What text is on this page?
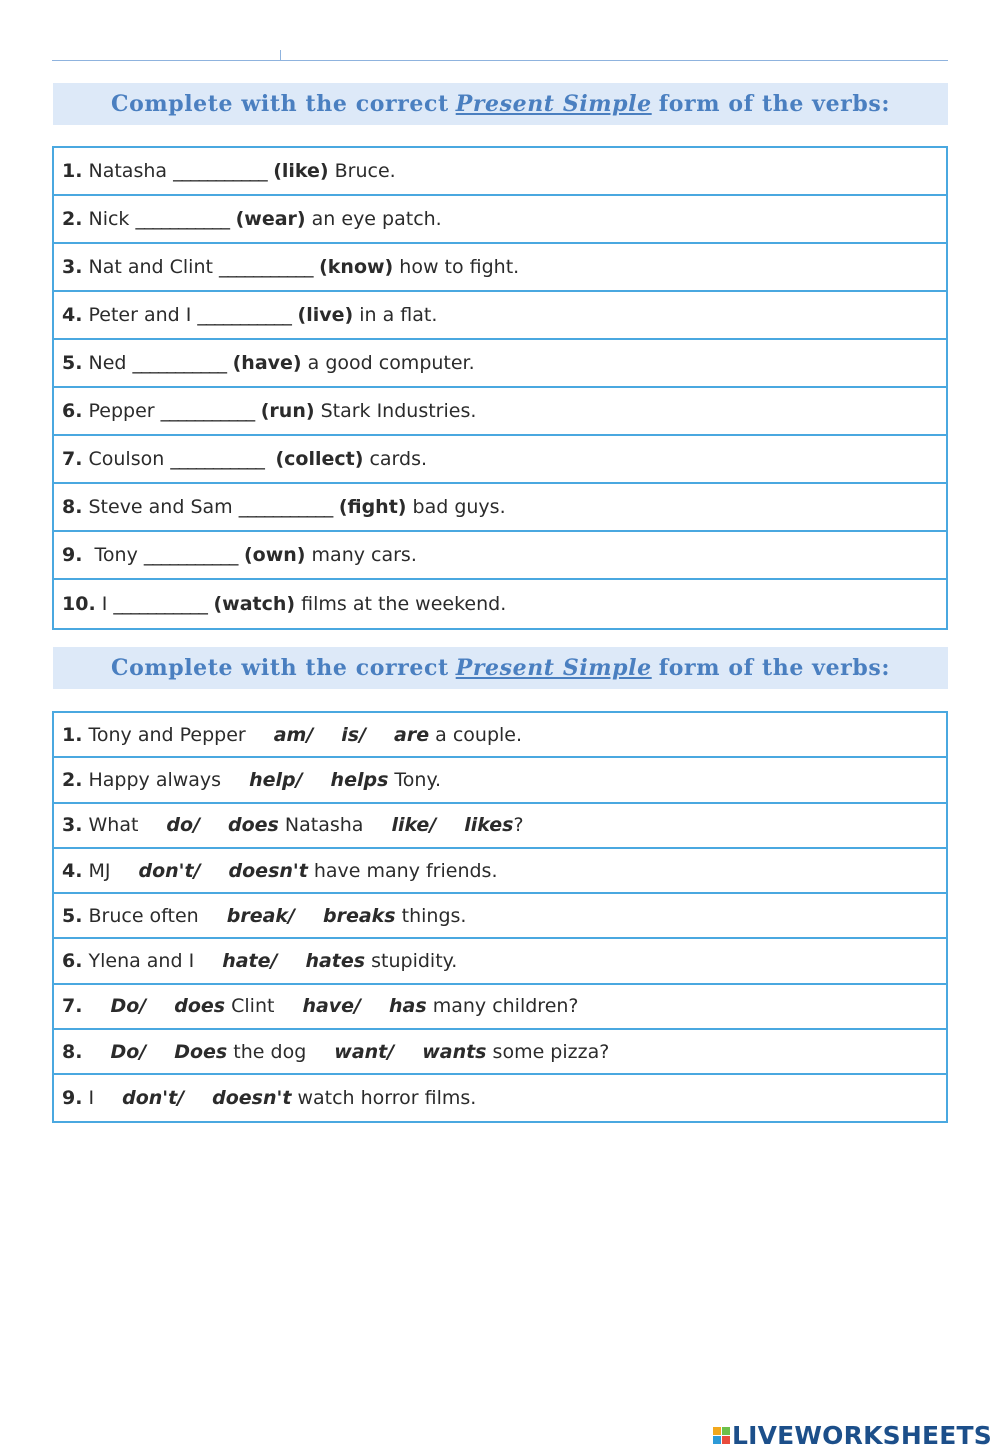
Complete with the correct Present Simple form of the verbs:
1. Natasha ___________ (like) Bruce.
2. Nick ___________ (wear) an eye patch.
3. Nat and Clint ___________ (know) how to fight.
4. Peter and I ___________ (live) in a flat.
5. Ned ___________ (have) a good computer.
6. Pepper ___________ (run) Stark Industries.
7. Coulson ___________ (collect) cards.
8. Steve and Sam ___________ (fight) bad guys.
9. Tony ___________ (own) many cars.
10. I ___________ (watch) films at the weekend.
Complete with the correct Present Simple form of the verbs:
1. Tony and Pepper am/ is/ are a couple.
2. Happy always help/ helps Tony.
3. What do/ does Natasha like/ likes ?
4. MJ don't/ doesn't have many friends.
5. Bruce often break/ breaks things.
6. Ylena and I hate/ hates stupidity.
7. Do/ does Clint have/ has many children?
8. Do/ Does the dog want/ wants some pizza?
9. I don't/ doesn't watch horror films.
LIVEWORKSHEETS
